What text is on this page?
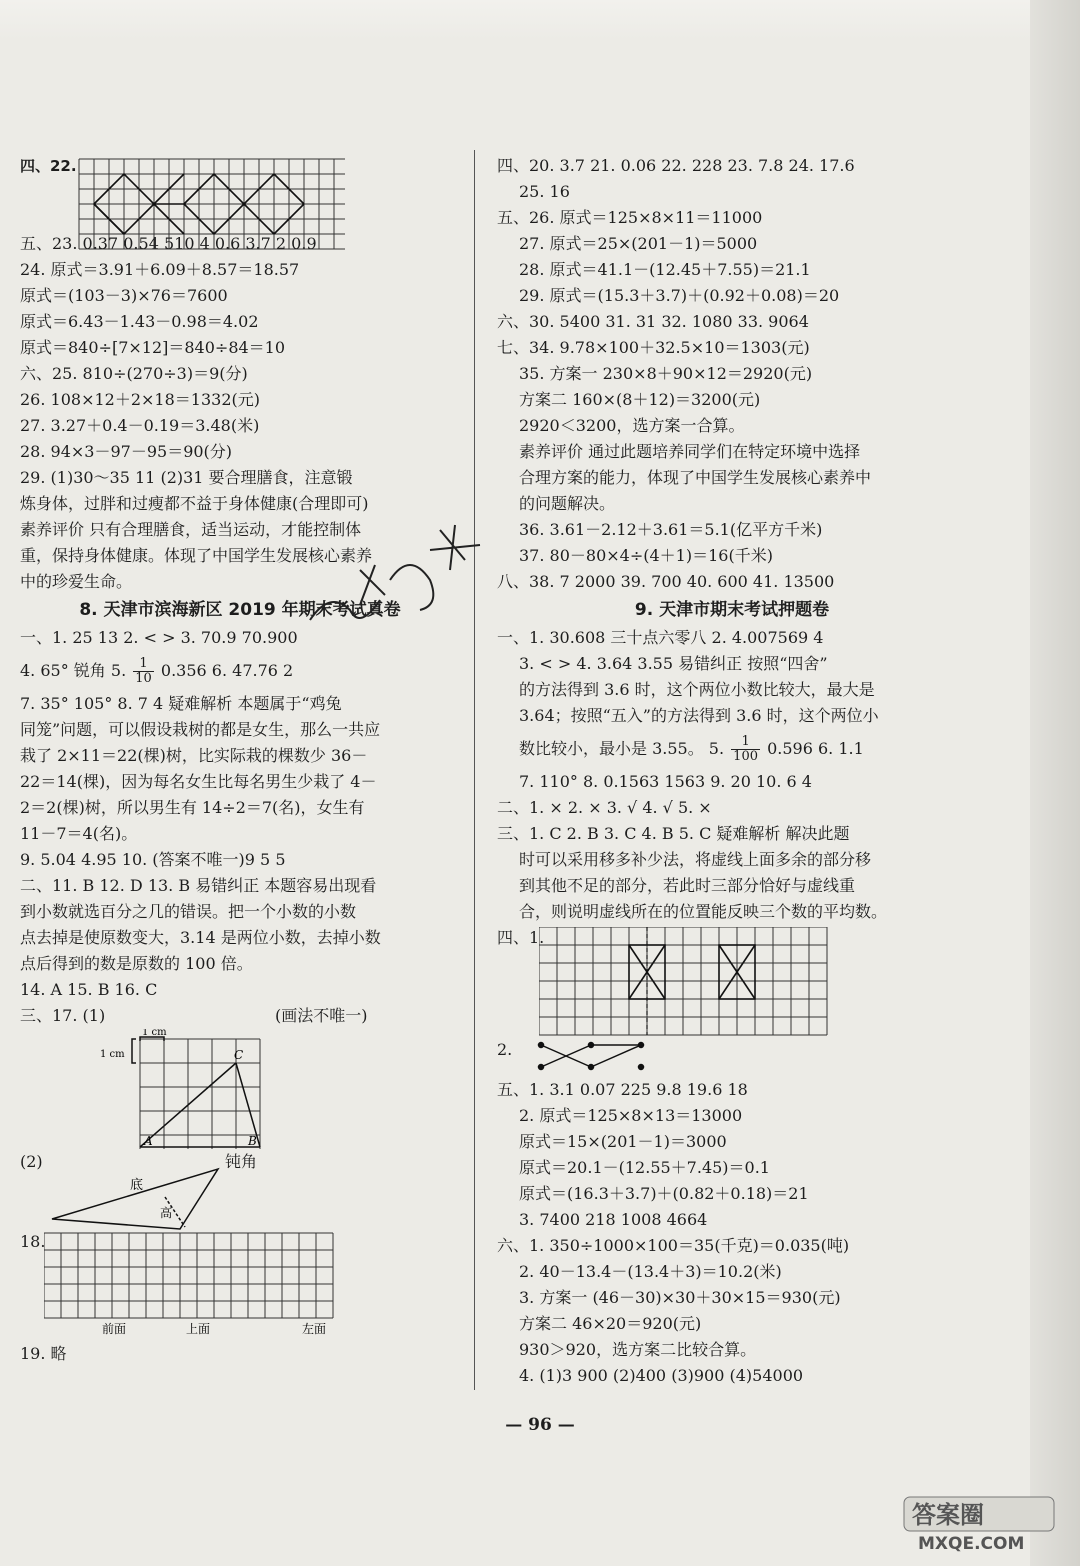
四、22.
五、23. 0.37 0.54 510 4 0.6 3.7 2 0.9
24. 原式＝3.91＋6.09＋8.57＝18.57
原式＝(103－3)×76＝7600
原式＝6.43－1.43－0.98＝4.02
原式＝840÷[7×12]＝840÷84＝10
六、25. 810÷(270÷3)＝9(分)
26. 108×12＋2×18＝1332(元)
27. 3.27＋0.4－0.19＝3.48(米)
28. 94×3－97－95＝90(分)
29. (1)30～35 11 (2)31 要合理膳食，注意锻
炼身体，过胖和过瘦都不益于身体健康(合理即可)
素养评价 只有合理膳食，适当运动，才能控制体
重，保持身体健康。体现了中国学生发展核心素养
中的珍爱生命。
8. 天津市滨海新区 2019 年期末考试真卷
一、1. 25 13 2. < > 3. 70.9 70.900
4. 65° 锐角 5. $\frac{1}{10} 0.356$ 6. 47.76 2
7. 35° 105° 8. 7 4 疑难解析 本题属于“鸡兔
同笼”问题，可以假设栽树的都是女生，那么一共应
栽了 2×11＝22(棵)树，比实际栽的棵数少 36－
22＝14(棵)，因为每名女生比每名男生少栽了 4－
2＝2(棵)树，所以男生有 14÷2＝7(名)，女生有
11－7＝4(名)。
9. 5.04 4.95 10. (答案不唯一)9 5 5
二、11. B 12. D 13. B 易错纠正 本题容易出现看
到小数就选百分之几的错误。把一个小数的小数
点去掉是使原数变大，3.14 是两位小数，去掉小数
点后得到的数是原数的 100 倍。
14. A 15. B 16. C
三、17. (1)	(画法不唯一)
1 cm
1 cm
A	B
C
(2)
底
高
钝角
18.
前面	上面	左面
19. 略
四、20. 3.7 21. 0.06 22. 228 23. 7.8 24. 17.6
25. 16
五、26. 原式＝125×8×11＝11000
27. 原式＝25×(201－1)＝5000
28. 原式＝41.1－(12.45＋7.55)＝21.1
29. 原式＝(15.3＋3.7)＋(0.92＋0.08)＝20
六、30. 5400 31. 31 32. 1080 33. 9064
七、34. 9.78×100＋32.5×10＝1303(元)
35. 方案一 230×8＋90×12＝2920(元)
方案二 160×(8＋12)＝3200(元)
2920＜3200，选方案一合算。
素养评价 通过此题培养同学们在特定环境中选择
合理方案的能力，体现了中国学生发展核心素养中
的问题解决。
36. 3.61－2.12＋3.61＝5.1(亿平方千米)
37. 80－80×4÷(4＋1)＝16(千米)
八、38. 7 2000 39. 700 40. 600 41. 13500
9. 天津市期末考试押题卷
一、1. 30.608 三十点六零八 2. 4.007569 4
3. < > 4. 3.64 3.55 易错纠正 按照“四舍”
的方法得到 3.6 时，这个两位小数比较大，最大是
3.64；按照“五入”的方法得到 3.6 时，这个两位小
数比较小，最小是 3.55。 5. $\frac{1}{100} 0.596$ 6. 1.1
7. 110° 8. 0.1563 1563 9. 20 10. 6 4
二、1. × 2. × 3. √ 4. √ 5. ×
三、1. C 2. B 3. C 4. B 5. C 疑难解析 解决此题
时可以采用移多补少法，将虚线上面多余的部分移
到其他不足的部分，若此时三部分恰好与虚线重
合，则说明虚线所在的位置能反映三个数的平均数。
四、1.
2.
五、1. 3.1 0.07 225 9.8 19.6 18
2. 原式＝125×8×13＝13000
原式＝15×(201－1)＝3000
原式＝20.1－(12.55＋7.45)＝0.1
原式＝(16.3＋3.7)＋(0.82＋0.18)＝21
3. 7400 218 1008 4664
六、1. 350÷1000×100＝35(千克)＝0.035(吨)
2. 40－13.4－(13.4＋3)＝10.2(米)
3. 方案一 (46－30)×30＋30×15＝930(元)
方案二 46×20＝920(元)
930＞920，选方案二比较合算。
4. (1)3 900 (2)400 (3)900 (4)54000
— 96 —
答案圈
MXQE.COM
